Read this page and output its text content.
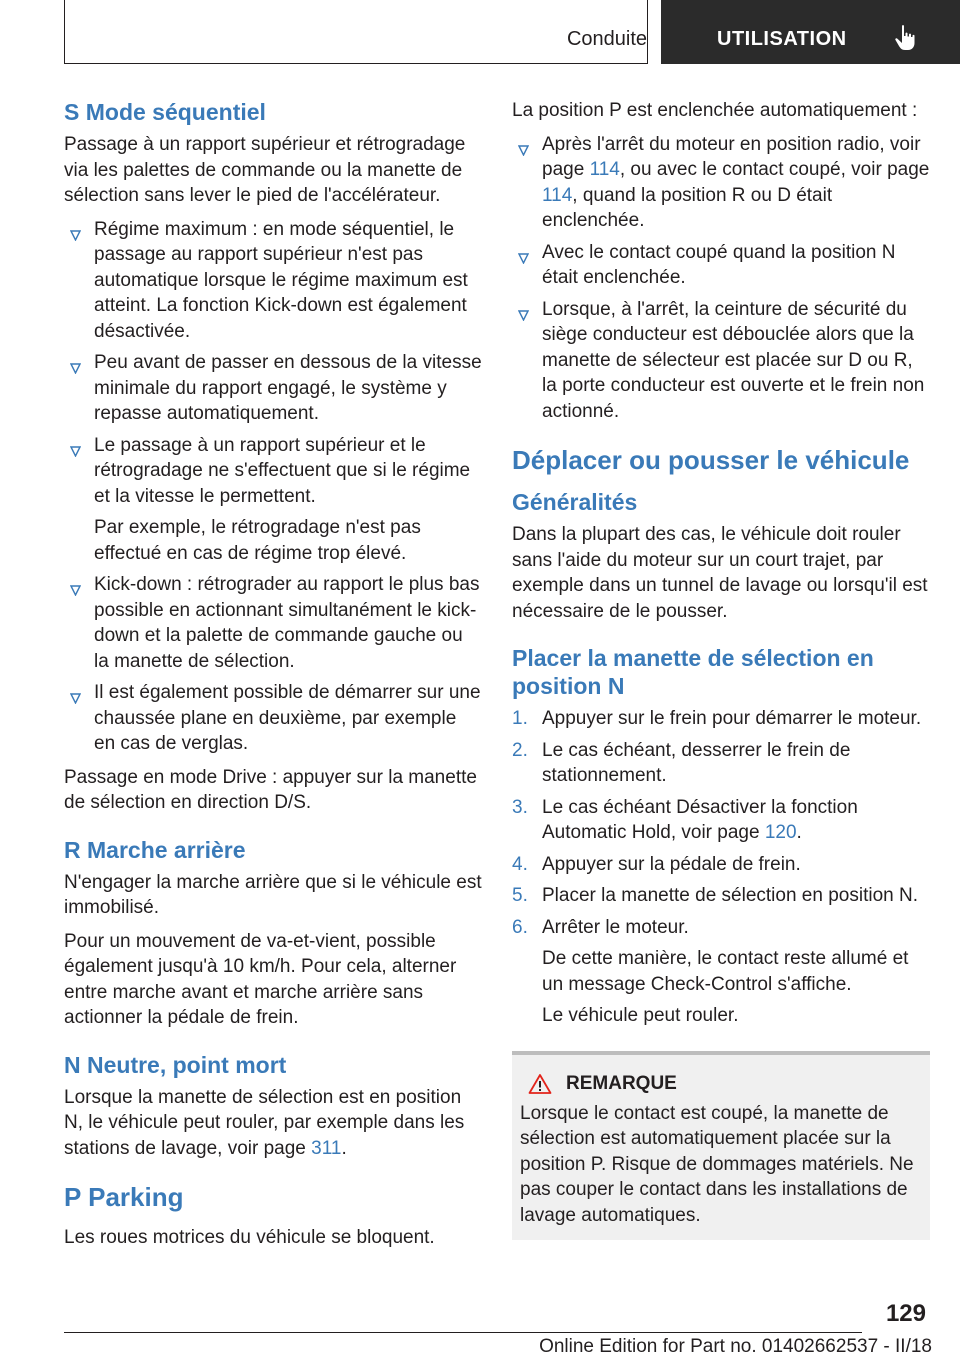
Conduite	UTILISATION
S Mode séquentiel

Passage à un rapport supérieur et rétrogradage via les palettes de commande ou la manette de sélection sans lever le pied de l'accélérateur.

Régime maximum : en mode séquentiel, le passage au rapport supérieur n'est pas automatique lorsque le régime maximum est atteint. La fonction Kick-down est également désactivée.
Peu avant de passer en dessous de la vitesse minimale du rapport engagé, le système y repasse automatiquement.
Le passage à un rapport supérieur et le rétrogradage ne s'effectuent que si le régime et la vitesse le permettent.

Par exemple, le rétrogradage n'est pas effectué en cas de régime trop élevé.

Kick-down : rétrograder au rapport le plus bas possible en actionnant simultanément le kick-down et la palette de commande gauche ou la manette de sélection.
Il est également possible de démarrer sur une chaussée plane en deuxième, par exemple en cas de verglas.

Passage en mode Drive : appuyer sur la manette de sélection en direction D/S.

R Marche arrière

N'engager la marche arrière que si le véhicule est immobilisé.

Pour un mouvement de va-et-vient, possible également jusqu'à 10 km/h. Pour cela, alterner entre marche avant et marche arrière sans actionner la pédale de frein.

N Neutre, point mort

Lorsque la manette de sélection est en position N, le véhicule peut rouler, par exemple dans les stations de lavage, voir page 311.

P Parking

Les roues motrices du véhicule se bloquent.

La position P est enclenchée automatiquement :

Après l'arrêt du moteur en position radio, voir page 114, ou avec le contact coupé, voir page 114, quand la position R ou D était enclenchée.
Avec le contact coupé quand la position N était enclenchée.
Lorsque, à l'arrêt, la ceinture de sécurité du siège conducteur est débouclée alors que la manette de sélecteur est placée sur D ou R, la porte conducteur est ouverte et le frein non actionné.
Déplacer ou pousser le véhicule
Généralités

Dans la plupart des cas, le véhicule doit rouler sans l'aide du moteur sur un court trajet, par exemple dans un tunnel de lavage ou lorsqu'il est nécessaire de le pousser.

Placer la manette de sélection en position N
1. Appuyer sur le frein pour démarrer le moteur.
2. Le cas échéant, desserrer le frein de stationnement.
3. Le cas échéant Désactiver la fonction Automatic Hold, voir page 120.
4. Appuyer sur la pédale de frein.
5. Placer la manette de sélection en position N.
6. Arrêter le moteur.

De cette manière, le contact reste allumé et un message Check-Control s'affiche.

Le véhicule peut rouler.

REMARQUE

Lorsque le contact est coupé, la manette de sélection est automatiquement placée sur la position P. Risque de dommages matériels. Ne pas couper le contact dans les installations de lavage automatiques.

129
Online Edition for Part no. 01402662537 - II/18
